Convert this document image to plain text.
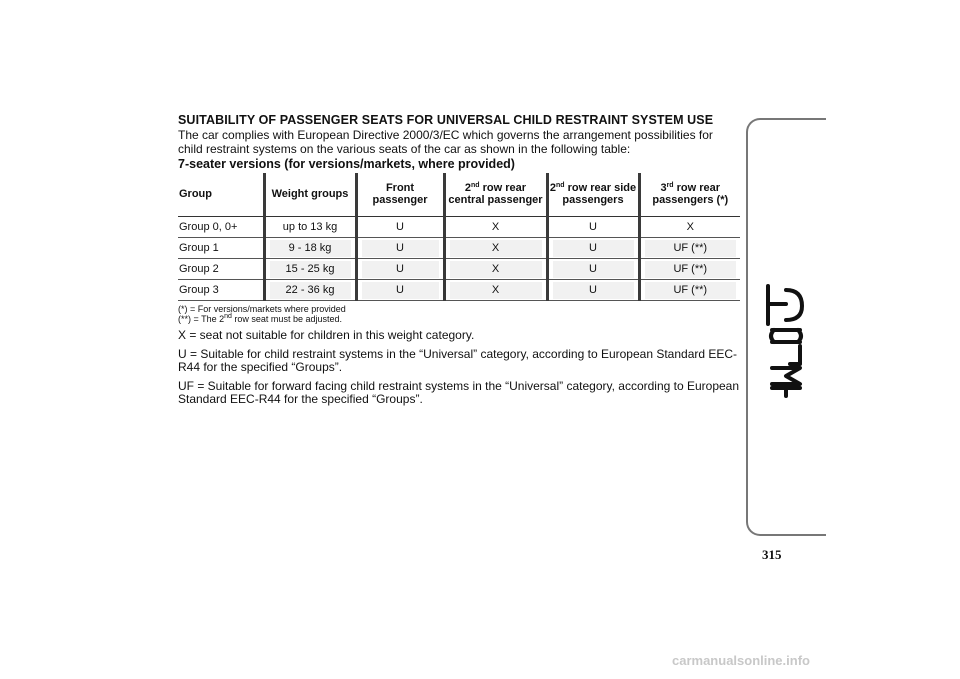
SUITABILITY OF PASSENGER SEATS FOR UNIVERSAL CHILD RESTRAINT SYSTEM USE

The car complies with European Directive 2000/3/EC which governs the arrangement possibilities for child restraint systems on the various seats of the car as shown in the following table:

7-seater versions (for versions/markets, where provided)

Group	Weight groups	Front passenger	2nd row rear central passenger	2nd row rear side passengers	3rd row rear passengers (*)
Group 0, 0+	up to 13 kg	U	X	U	X

Group 1	9 - 18 kg	U	X	U	UF (**)

Group 2	15 - 25 kg	U	X	U	UF (**)

Group 3	22 - 36 kg	U	X	U	UF (**)
(*) = For versions/markets where provided
(**) = The 2nd row seat must be adjusted.

X = seat not suitable for children in this weight category.

U = Suitable for child restraint systems in the “Universal” category, according to European Standard EEC-R44 for the specified “Groups”.

UF = Suitable for forward facing child restraint systems in the “Universal” category, according to European Standard EEC-R44 for the specified “Groups”.

315
carmanualsonline.info
